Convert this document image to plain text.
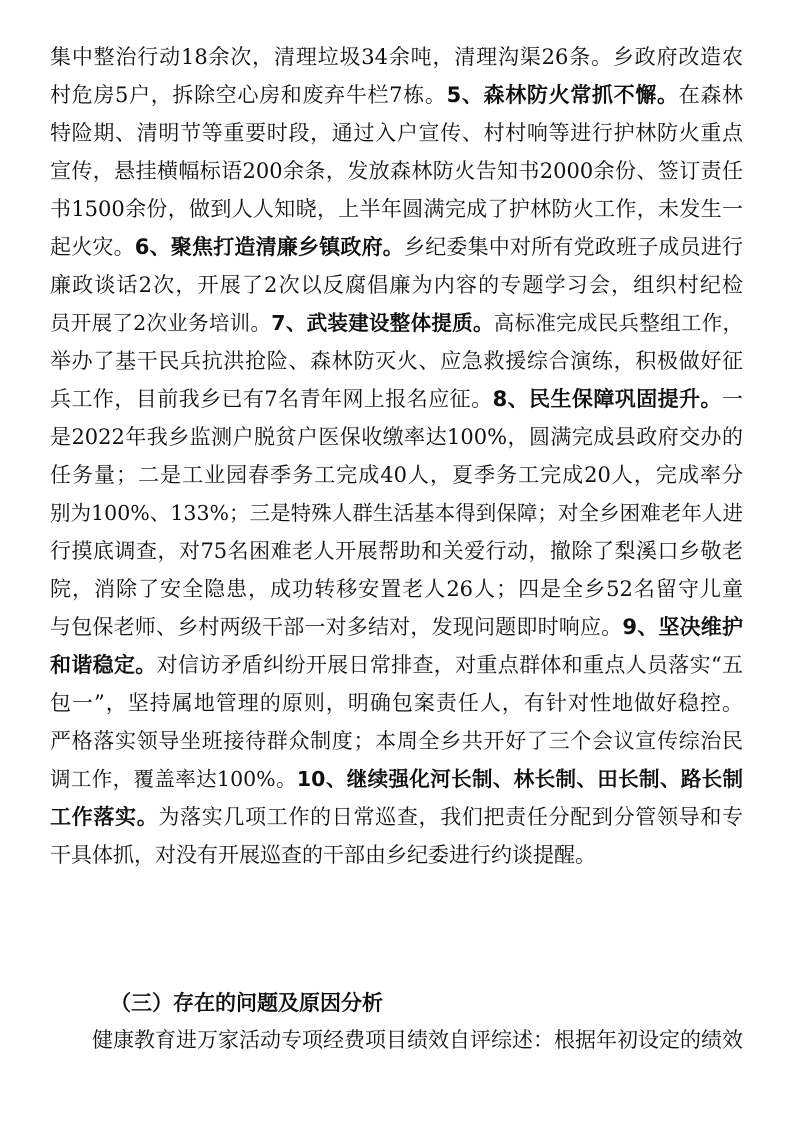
集中整治行动18余次，清理垃圾34余吨，清理沟渠26条。乡政府改造农
村危房5户，拆除空心房和废弃牛栏7栋。5、森林防火常抓不懈。在森林
特险期、清明节等重要时段，通过入户宣传、村村响等进行护林防火重点
宣传，悬挂横幅标语200余条，发放森林防火告知书2000余份、签订责任
书1500余份，做到人人知晓，上半年圆满完成了护林防火工作，未发生一
起火灾。6、聚焦打造清廉乡镇政府。乡纪委集中对所有党政班子成员进行
廉政谈话2次，开展了2次以反腐倡廉为内容的专题学习会，组织村纪检
员开展了2次业务培训。7、武装建设整体提质。高标准完成民兵整组工作，
举办了基干民兵抗洪抢险、森林防灭火、应急救援综合演练，积极做好征
兵工作，目前我乡已有7名青年网上报名应征。8、民生保障巩固提升。一
是2022年我乡监测户脱贫户医保收缴率达100%，圆满完成县政府交办的
任务量；二是工业园春季务工完成40人，夏季务工完成20人，完成率分
别为100%、133%；三是特殊人群生活基本得到保障；对全乡困难老年人进
行摸底调查，对75名困难老人开展帮助和关爱行动，撤除了梨溪口乡敬老
院，消除了安全隐患，成功转移安置老人26人；四是全乡52名留守儿童
与包保老师、乡村两级干部一对多结对，发现问题即时响应。9、坚决维护
和谐稳定。对信访矛盾纠纷开展日常排查，对重点群体和重点人员落实“五
包一”，坚持属地管理的原则，明确包案责任人，有针对性地做好稳控。
严格落实领导坐班接待群众制度；本周全乡共开好了三个会议宣传综治民
调工作，覆盖率达100%。10、继续强化河长制、林长制、田长制、路长制
工作落实。为落实几项工作的日常巡查，我们把责任分配到分管领导和专
干具体抓，对没有开展巡查的干部由乡纪委进行约谈提醒。
（三）存在的问题及原因分析
健康教育进万家活动专项经费项目绩效自评综述：根据年初设定的绩效
